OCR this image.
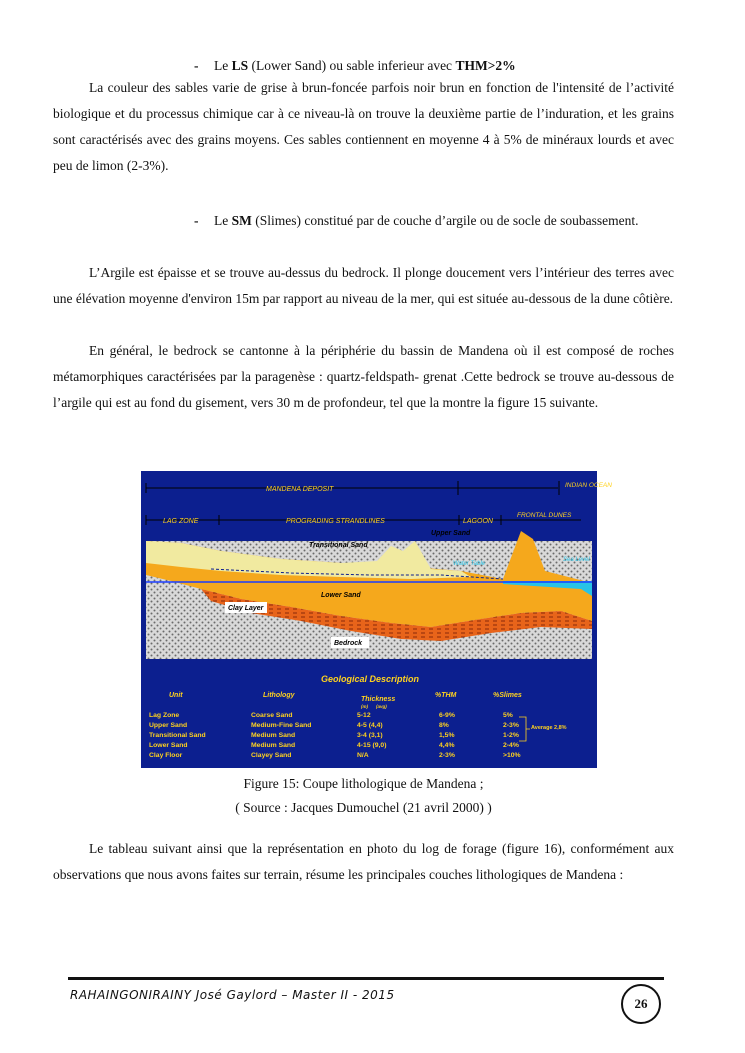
- Le LS (Lower Sand) ou sable inferieur avec THM>2%

La couleur des sables varie de grise à brun-foncée parfois noir brun en fonction de l'intensité de l’activité biologique et du processus chimique car à ce niveau-là on trouve la deuxième partie de l’induration, et les grains sont caractérisés avec des grains moyens. Ces sables contiennent en moyenne 4 à 5% de minéraux lourds et avec peu de limon (2-3%).

- Le SM (Slimes) constitué par de couche d’argile ou de socle de soubassement.

L’Argile est épaisse et se trouve au-dessus du bedrock. Il plonge doucement vers l’intérieur des terres avec une élévation moyenne d'environ 15m par rapport au niveau de la mer, qui est située au-dessous de la dune côtière.

En général, le bedrock se cantonne à la périphérie du bassin de Mandena où il est composé de roches métamorphiques caractérisées par la paragenèse : quartz-feldspath- grenat .Cette bedrock se trouve au-dessous de l’argile qui est au fond du gisement, vers 30 m de profondeur, tel que la montre la figure 15 suivante.

MANDENA DEPOSIT
INDIAN OCEAN
LAG ZONE	PROGRADING STRANDLINES	LAGOON
FRONTAL DUNES
Transitional Sand
Upper Sand
Lower Sand
Water Table
Sea Level
Clay Layer
Bedrock
Geological Description
Unit	Lithology
Thickness
(m) (avg)
%THM	%Slimes
Lag Zone	Coarse Sand	5-12	6-9%	5%
Upper Sand	Medium-Fine Sand	4-5 (4,4)	8%	2-3%
Transitional Sand	Medium Sand	3-4 (3,1)	1,5%	1-2%
Lower Sand	Medium Sand	4-15 (9,0)	4,4%	2-4%
Clay Floor	Clayey Sand	N/A	2-3%	>10%
Average 2,8%
Figure 15: Coupe lithologique de Mandena ;
( Source : Jacques Dumouchel (21 avril 2000) )

Le tableau suivant ainsi que la représentation en photo du log de forage (figure 16), conformément aux observations que nous avons faites sur terrain, résume les principales couches lithologiques de Mandena :

RAHAINGONIRAINY José Gaylord – Master II - 2015
26
